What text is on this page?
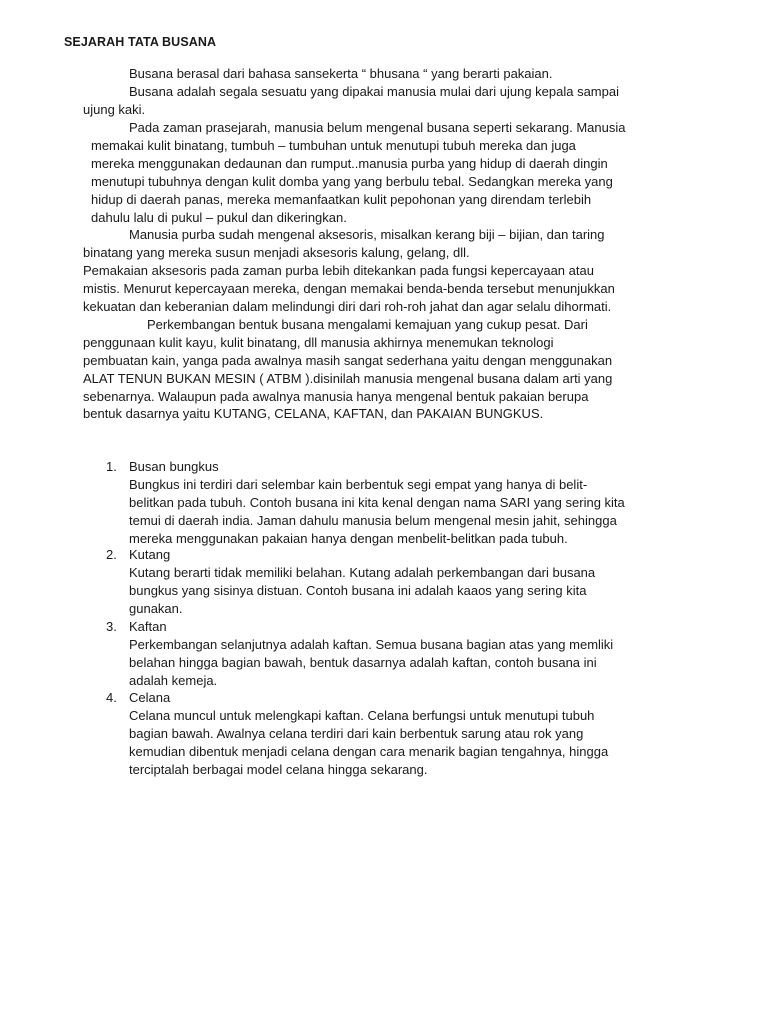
SEJARAH TATA BUSANA
Busana berasal dari bahasa sansekerta “ bhusana “ yang berarti pakaian.
Busana adalah segala sesuatu yang dipakai manusia mulai dari ujung kepala sampai
ujung kaki.
Pada zaman prasejarah, manusia belum mengenal busana seperti sekarang. Manusia
memakai kulit binatang, tumbuh – tumbuhan untuk menutupi tubuh mereka dan juga
mereka menggunakan dedaunan dan rumput..manusia purba yang hidup di daerah dingin
menutupi tubuhnya dengan kulit domba yang yang berbulu tebal. Sedangkan mereka yang
hidup di daerah panas, mereka memanfaatkan kulit pepohonan yang direndam terlebih
dahulu lalu di pukul – pukul dan dikeringkan.
Manusia purba sudah mengenal aksesoris, misalkan kerang biji – bijian, dan taring
binatang yang mereka susun menjadi aksesoris kalung, gelang, dll.
Pemakaian aksesoris pada zaman purba lebih ditekankan pada fungsi kepercayaan atau
mistis. Menurut kepercayaan mereka, dengan memakai benda-benda tersebut menunjukkan
kekuatan dan keberanian dalam melindungi diri dari roh-roh jahat dan agar selalu dihormati.
Perkembangan bentuk busana mengalami kemajuan yang cukup pesat. Dari
penggunaan kulit kayu, kulit binatang, dll manusia akhirnya menemukan teknologi
pembuatan kain, yanga pada awalnya masih sangat sederhana yaitu dengan menggunakan
ALAT TENUN BUKAN MESIN ( ATBM ).disinilah manusia mengenal busana dalam arti yang
sebenarnya. Walaupun pada awalnya manusia hanya mengenal bentuk pakaian berupa
bentuk dasarnya yaitu KUTANG, CELANA, KAFTAN, dan PAKAIAN BUNGKUS.
1. Busan bungkus
Bungkus ini terdiri dari selembar kain berbentuk segi empat yang hanya di belit-
belitkan pada tubuh. Contoh busana ini kita kenal dengan nama SARI yang sering kita
temui di daerah india. Jaman dahulu manusia belum mengenal mesin jahit, sehingga
mereka menggunakan pakaian hanya dengan menbelit-belitkan pada tubuh.
2. Kutang
Kutang berarti tidak memiliki belahan. Kutang adalah perkembangan dari busana
bungkus yang sisinya distuan. Contoh busana ini adalah kaaos yang sering kita
gunakan.
3. Kaftan
Perkembangan selanjutnya adalah kaftan. Semua busana bagian atas yang memliki
belahan hingga bagian bawah, bentuk dasarnya adalah kaftan, contoh busana ini
adalah kemeja.
4. Celana
Celana muncul untuk melengkapi kaftan. Celana berfungsi untuk menutupi tubuh
bagian bawah. Awalnya celana terdiri dari kain berbentuk sarung atau rok yang
kemudian dibentuk menjadi celana dengan cara menarik bagian tengahnya, hingga
terciptalah berbagai model celana hingga sekarang.
